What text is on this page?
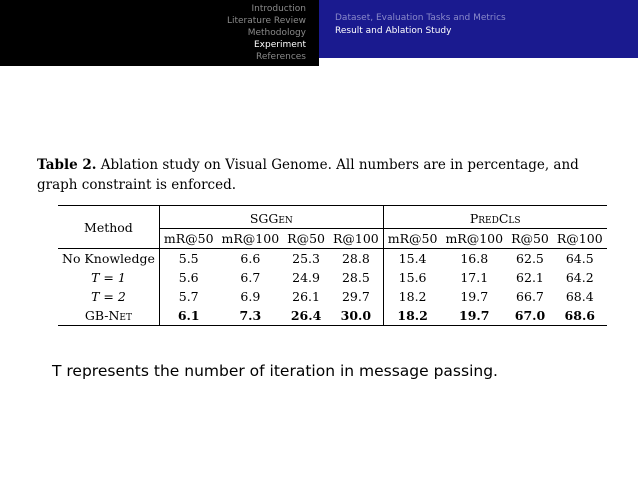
Introduction
Literature Review
Methodology
Experiment
References
Dataset, Evaluation Tasks and Metrics
Result and Ablation Study
Table 2. Ablation study on Visual Genome. All numbers are in percentage, and graph constraint is enforced.
Method	SGGen				PredCls			
	mR@50	mR@100	R@50	R@100	mR@50	mR@100	R@50	R@100
No Knowledge	5.5	6.6	25.3	28.8	15.4	16.8	62.5	64.5
T = 1	5.6	6.7	24.9	28.5	15.6	17.1	62.1	64.2
T = 2	5.7	6.9	26.1	29.7	18.2	19.7	66.7	68.4
GB-Net	6.1	7.3	26.4	30.0	18.2	19.7	67.0	68.6
T represents the number of iteration in message passing.
